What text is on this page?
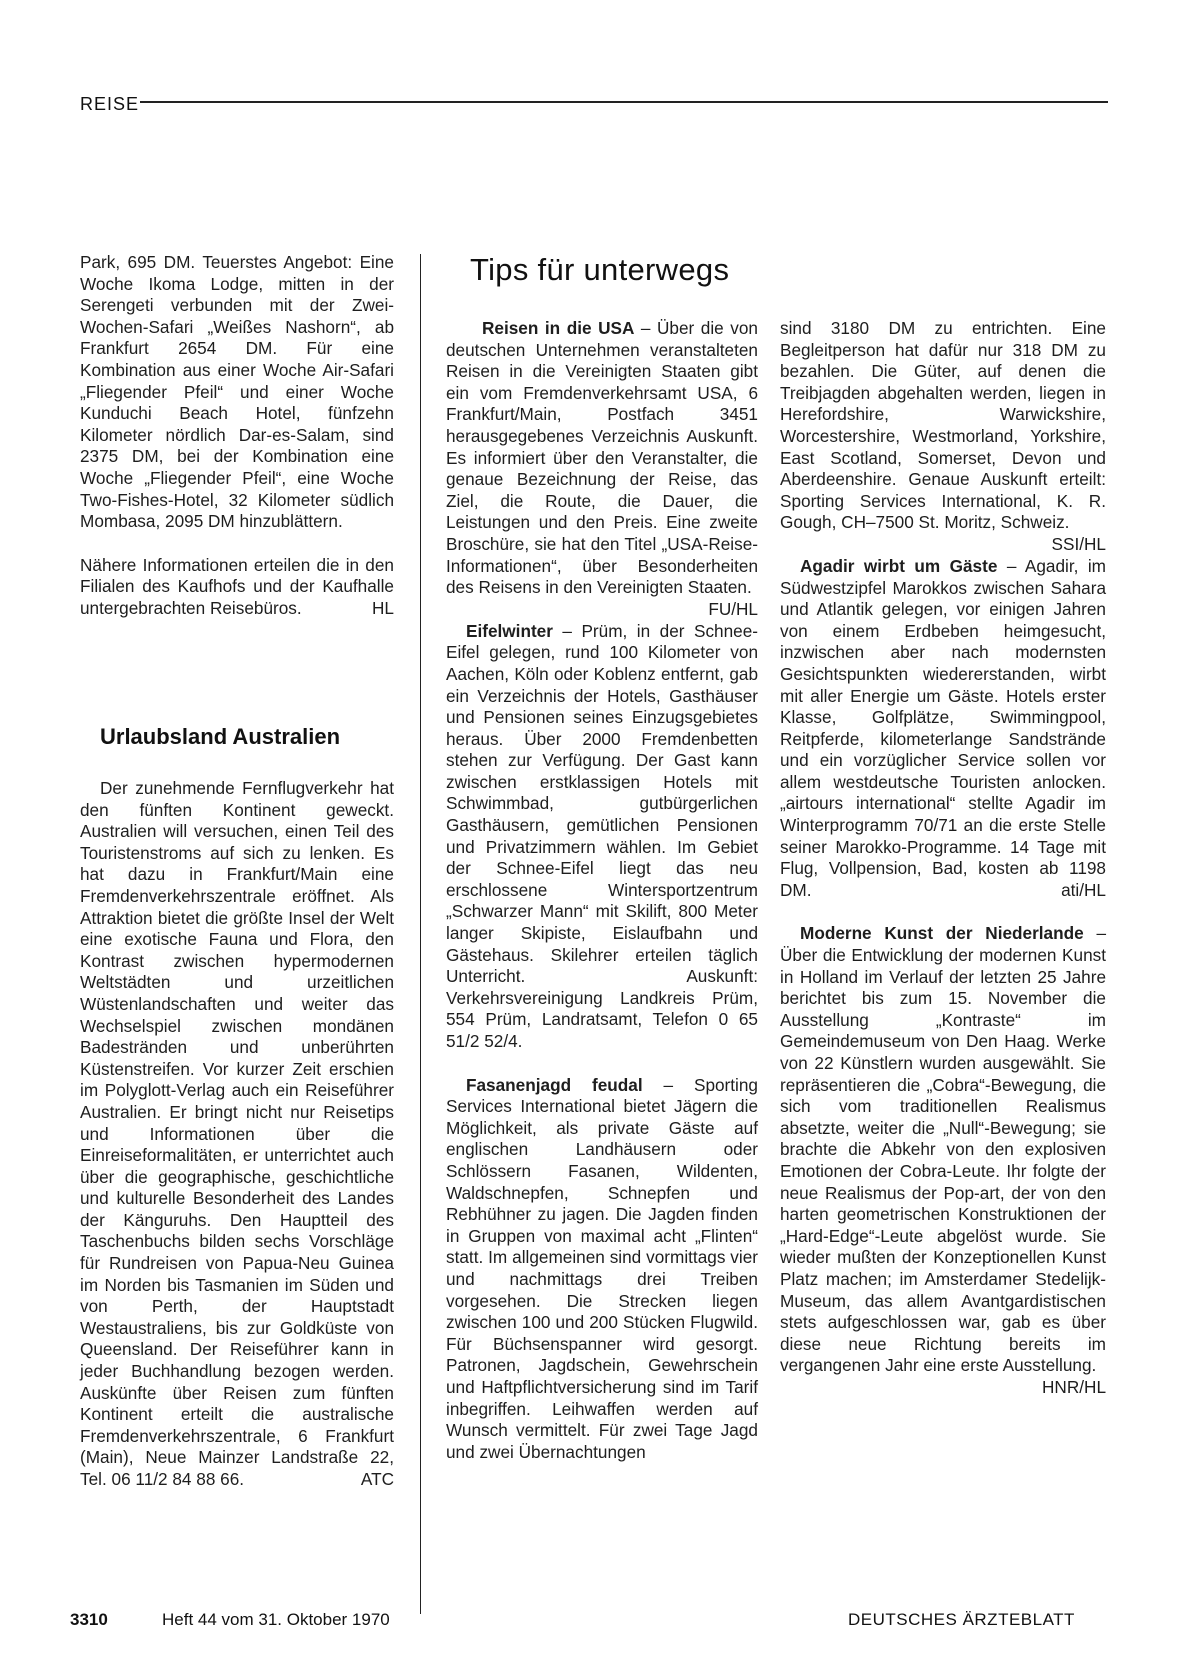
REISE

Park, 695 DM. Teuerstes Angebot: Eine Woche Ikoma Lodge, mitten in der Serengeti verbunden mit der Zwei-Wochen-Safari „Weißes Nashorn“, ab Frankfurt 2654 DM. Für eine Kombination aus einer Woche Air-Safari „Fliegender Pfeil“ und einer Woche Kunduchi Beach Hotel, fünfzehn Kilometer nördlich Dar-es-Salam, sind 2375 DM, bei der Kombination eine Woche „Fliegender Pfeil“, eine Woche Two-Fishes-Hotel, 32 Kilometer südlich Mombasa, 2095 DM hinzublättern.

Nähere Informationen erteilen die in den Filialen des Kaufhofs und der Kaufhalle untergebrachten Reisebüros.	HL

Urlaubsland Australien

Der zunehmende Fernflugverkehr hat den fünften Kontinent geweckt. Australien will versuchen, einen Teil des Touristenstroms auf sich zu lenken. Es hat dazu in Frankfurt/Main eine Fremdenverkehrszentrale eröffnet. Als Attraktion bietet die größte Insel der Welt eine exotische Fauna und Flora, den Kontrast zwischen hypermodernen Weltstädten und urzeitlichen Wüstenlandschaften und weiter das Wechselspiel zwischen mondänen Badestränden und unberührten Küstenstreifen. Vor kurzer Zeit erschien im Polyglott-Verlag auch ein Reiseführer Australien. Er bringt nicht nur Reisetips und Informationen über die Einreiseformalitäten, er unterrichtet auch über die geographische, geschichtliche und kulturelle Besonderheit des Landes der Känguruhs. Den Hauptteil des Taschenbuchs bilden sechs Vorschläge für Rundreisen von Papua-Neu Guinea im Norden bis Tasmanien im Süden und von Perth, der Hauptstadt Westaustraliens, bis zur Goldküste von Queensland. Der Reiseführer kann in jeder Buchhandlung bezogen werden. Auskünfte über Reisen zum fünften Kontinent erteilt die australische Fremdenverkehrszentrale, 6 Frankfurt (Main), Neue Mainzer Landstraße 22, Tel. 06 11/2 84 88 66.	ATC

Tips für unterwegs

Reisen in die USA – Über die von deutschen Unternehmen veranstalteten Reisen in die Vereinigten Staaten gibt ein vom Fremdenverkehrsamt USA, 6 Frankfurt/Main, Postfach 3451 herausgegebenes Verzeichnis Auskunft. Es informiert über den Veranstalter, die genaue Bezeichnung der Reise, das Ziel, die Route, die Dauer, die Leistungen und den Preis. Eine zweite Broschüre, sie hat den Titel „USA-Reise-Informationen“, über Besonderheiten des Reisens in den Vereinigten Staaten.
FU/HL

Eifelwinter – Prüm, in der Schnee-Eifel gelegen, rund 100 Kilometer von Aachen, Köln oder Koblenz entfernt, gab ein Verzeichnis der Hotels, Gasthäuser und Pensionen seines Einzugsgebietes heraus. Über 2000 Fremdenbetten stehen zur Verfügung. Der Gast kann zwischen erstklassigen Hotels mit Schwimmbad, gutbürgerlichen Gasthäusern, gemütlichen Pensionen und Privatzimmern wählen. Im Gebiet der Schnee-Eifel liegt das neu erschlossene Wintersportzentrum „Schwarzer Mann“ mit Skilift, 800 Meter langer Skipiste, Eislaufbahn und Gästehaus. Skilehrer erteilen täglich Unterricht. Auskunft: Verkehrsvereinigung Landkreis Prüm, 554 Prüm, Landratsamt, Telefon 0 65 51/2 52/4.

Fasanenjagd feudal – Sporting Services International bietet Jägern die Möglichkeit, als private Gäste auf englischen Landhäusern oder Schlössern Fasanen, Wildenten, Waldschnepfen, Schnepfen und Rebhühner zu jagen. Die Jagden finden in Gruppen von maximal acht „Flinten“ statt. Im allgemeinen sind vormittags vier und nachmittags drei Treiben vorgesehen. Die Strecken liegen zwischen 100 und 200 Stücken Flugwild. Für Büchsenspanner wird gesorgt. Patronen, Jagdschein, Gewehrschein und Haftpflichtversicherung sind im Tarif inbegriffen. Leihwaffen werden auf Wunsch vermittelt. Für zwei Tage Jagd und zwei Übernachtungen

sind 3180 DM zu entrichten. Eine Begleitperson hat dafür nur 318 DM zu bezahlen. Die Güter, auf denen die Treibjagden abgehalten werden, liegen in Herefordshire, Warwickshire, Worcestershire, Westmorland, Yorkshire, East Scotland, Somerset, Devon und Aberdeenshire. Genaue Auskunft erteilt: Sporting Services International, K. R. Gough, CH–7500 St. Moritz, Schweiz.
SSI/HL

Agadir wirbt um Gäste – Agadir, im Südwestzipfel Marokkos zwischen Sahara und Atlantik gelegen, vor einigen Jahren von einem Erdbeben heimgesucht, inzwischen aber nach modernsten Gesichtspunkten wiedererstanden, wirbt mit aller Energie um Gäste. Hotels erster Klasse, Golfplätze, Swimmingpool, Reitpferde, kilometerlange Sandstrände und ein vorzüglicher Service sollen vor allem westdeutsche Touristen anlocken. „airtours international“ stellte Agadir im Winterprogramm 70/71 an die erste Stelle seiner Marokko-Programme. 14 Tage mit Flug, Vollpension, Bad, kosten ab 1198 DM.	ati/HL

Moderne Kunst der Niederlande – Über die Entwicklung der modernen Kunst in Holland im Verlauf der letzten 25 Jahre berichtet bis zum 15. November die Ausstellung „Kontraste“ im Gemeindemuseum von Den Haag. Werke von 22 Künstlern wurden ausgewählt. Sie repräsentieren die „Cobra“-Bewegung, die sich vom traditionellen Realismus absetzte, weiter die „Null“-Bewegung; sie brachte die Abkehr von den explosiven Emotionen der Cobra-Leute. Ihr folgte der neue Realismus der Pop-art, der von den harten geometrischen Konstruktionen der „Hard-Edge“-Leute abgelöst wurde. Sie wieder mußten der Konzeptionellen Kunst Platz machen; im Amsterdamer Stedelijk-Museum, das allem Avantgardistischen stets aufgeschlossen war, gab es über diese neue Richtung bereits im vergangenen Jahr eine erste Ausstellung.
HNR/HL

3310	Heft 44 vom 31. Oktober 1970	DEUTSCHES ÄRZTEBLATT
